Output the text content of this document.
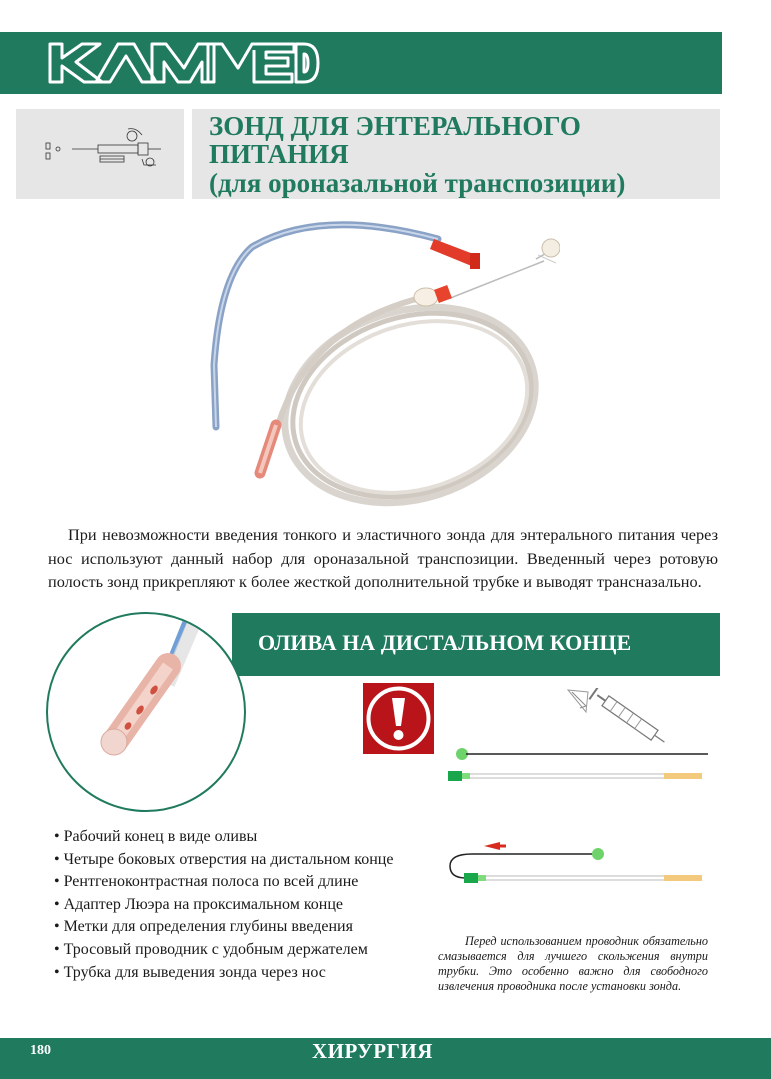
ЗОНД ДЛЯ ЭНТЕРАЛЬНОГО
ПИТАНИЯ
(для ороназальной транспозиции)

При невозможности введения тонкого и эластичного зонда для энтерального питания через нос используют данный набор для ороназальной транспозиции. Введенный через ротовую полость зонд прикрепляют к более жесткой дополнительной трубке и выводят трансназально.

ОЛИВА НА ДИСТАЛЬНОМ КОНЦЕ
• Рабочий конец в виде оливы
• Четыре боковых отверстия на дистальном конце
• Рентгеноконтрастная полоса по всей длине
• Адаптер Люэра на проксимальном конце
• Метки для определения глубины введения
• Тросовый проводник с удобным держателем
• Трубка для выведения зонда через нос

Перед использованием проводник обязательно смазывается для лучшего скольжения внутри трубки. Это особенно важно для свободного извлечения проводника после установки зонда.

180	ХИРУРГИЯ
